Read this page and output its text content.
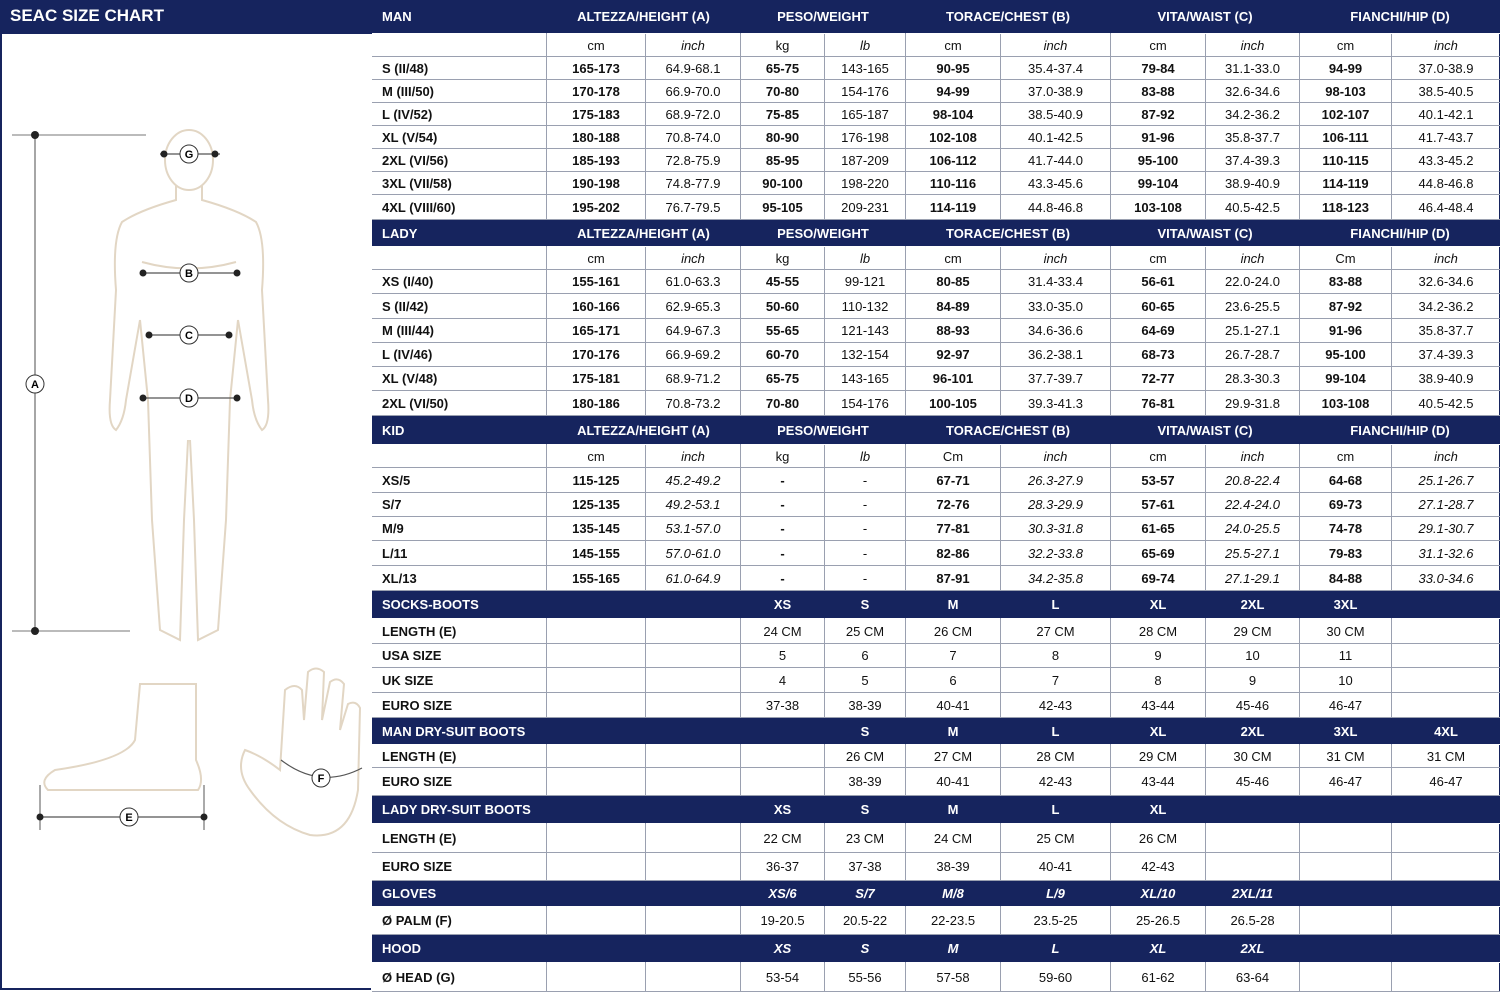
SEAC SIZE CHART
A
B
C
D
E
F
G
MAN	ALTEZZA/HEIGHT (A)	PESO/WEIGHT	TORACE/CHEST (B)	VITA/WAIST (C)	FIANCHI/HIP (D)
cm	inch	kg	lb	cm	inch	cm	inch	cm	inch
S (II/48)	165-173	64.9-68.1	65-75	143-165	90-95	35.4-37.4	79-84	31.1-33.0	94-99	37.0-38.9
M (III/50)	170-178	66.9-70.0	70-80	154-176	94-99	37.0-38.9	83-88	32.6-34.6	98-103	38.5-40.5
L (IV/52)	175-183	68.9-72.0	75-85	165-187	98-104	38.5-40.9	87-92	34.2-36.2	102-107	40.1-42.1
XL (V/54)	180-188	70.8-74.0	80-90	176-198	102-108	40.1-42.5	91-96	35.8-37.7	106-111	41.7-43.7
2XL (VI/56)	185-193	72.8-75.9	85-95	187-209	106-112	41.7-44.0	95-100	37.4-39.3	110-115	43.3-45.2
3XL (VII/58)	190-198	74.8-77.9	90-100	198-220	110-116	43.3-45.6	99-104	38.9-40.9	114-119	44.8-46.8
4XL (VIII/60)	195-202	76.7-79.5	95-105	209-231	114-119	44.8-46.8	103-108	40.5-42.5	118-123	46.4-48.4
LADY	ALTEZZA/HEIGHT (A)	PESO/WEIGHT	TORACE/CHEST (B)	VITA/WAIST (C)	FIANCHI/HIP (D)
cm	inch	kg	lb	cm	inch	cm	inch	Cm	inch
XS (I/40)	155-161	61.0-63.3	45-55	99-121	80-85	31.4-33.4	56-61	22.0-24.0	83-88	32.6-34.6
S (II/42)	160-166	62.9-65.3	50-60	110-132	84-89	33.0-35.0	60-65	23.6-25.5	87-92	34.2-36.2
M (III/44)	165-171	64.9-67.3	55-65	121-143	88-93	34.6-36.6	64-69	25.1-27.1	91-96	35.8-37.7
L (IV/46)	170-176	66.9-69.2	60-70	132-154	92-97	36.2-38.1	68-73	26.7-28.7	95-100	37.4-39.3
XL (V/48)	175-181	68.9-71.2	65-75	143-165	96-101	37.7-39.7	72-77	28.3-30.3	99-104	38.9-40.9
2XL (VI/50)	180-186	70.8-73.2	70-80	154-176	100-105	39.3-41.3	76-81	29.9-31.8	103-108	40.5-42.5
KID	ALTEZZA/HEIGHT (A)	PESO/WEIGHT	TORACE/CHEST (B)	VITA/WAIST (C)	FIANCHI/HIP (D)
cm	inch	kg	lb	Cm	inch	cm	inch	cm	inch
XS/5	115-125	45.2-49.2	-	-	67-71	26.3-27.9	53-57	20.8-22.4	64-68	25.1-26.7
S/7	125-135	49.2-53.1	-	-	72-76	28.3-29.9	57-61	22.4-24.0	69-73	27.1-28.7
M/9	135-145	53.1-57.0	-	-	77-81	30.3-31.8	61-65	24.0-25.5	74-78	29.1-30.7
L/11	145-155	57.0-61.0	-	-	82-86	32.2-33.8	65-69	25.5-27.1	79-83	31.1-32.6
XL/13	155-165	61.0-64.9	-	-	87-91	34.2-35.8	69-74	27.1-29.1	84-88	33.0-34.6
SOCKS-BOOTS	XS	S	M	L	XL	2XL	3XL
LENGTH (E)	24 CM	25 CM	26 CM	27 CM	28 CM	29 CM	30 CM
USA SIZE	5	6	7	8	9	10	11
UK SIZE	4	5	6	7	8	9	10
EURO SIZE	37-38	38-39	40-41	42-43	43-44	45-46	46-47
MAN DRY-SUIT BOOTS	S	M	L	XL	2XL	3XL	4XL
LENGTH (E)	26 CM	27 CM	28 CM	29 CM	30 CM	31 CM	31 CM
EURO SIZE	38-39	40-41	42-43	43-44	45-46	46-47	46-47
LADY DRY-SUIT BOOTS	XS	S	M	L	XL
LENGTH (E)	22 CM	23 CM	24 CM	25 CM	26 CM
EURO SIZE	36-37	37-38	38-39	40-41	42-43
GLOVES	XS/6	S/7	M/8	L/9	XL/10	2XL/11
Ø PALM (F)	19-20.5	20.5-22	22-23.5	23.5-25	25-26.5	26.5-28
HOOD	XS	S	M	L	XL	2XL
Ø HEAD (G)	53-54	55-56	57-58	59-60	61-62	63-64
